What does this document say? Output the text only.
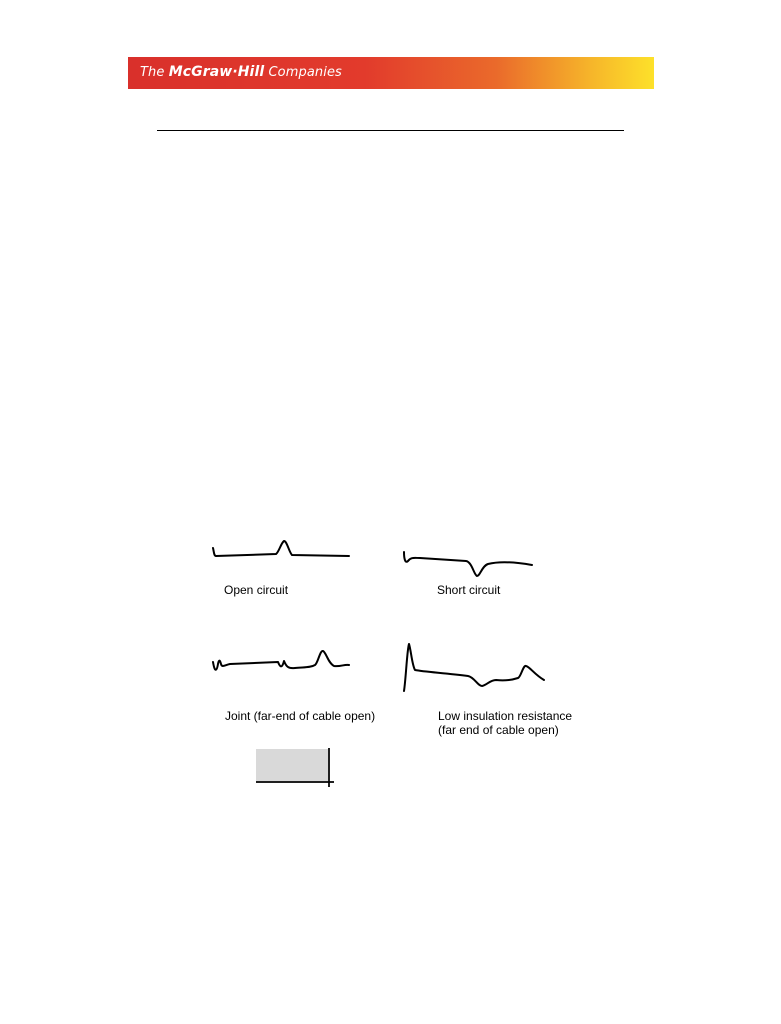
The McGraw·Hill Companies
Open circuit	Short circuit
Joint (far-end of cable open)	Low insulation resistance
(far end of cable open)
